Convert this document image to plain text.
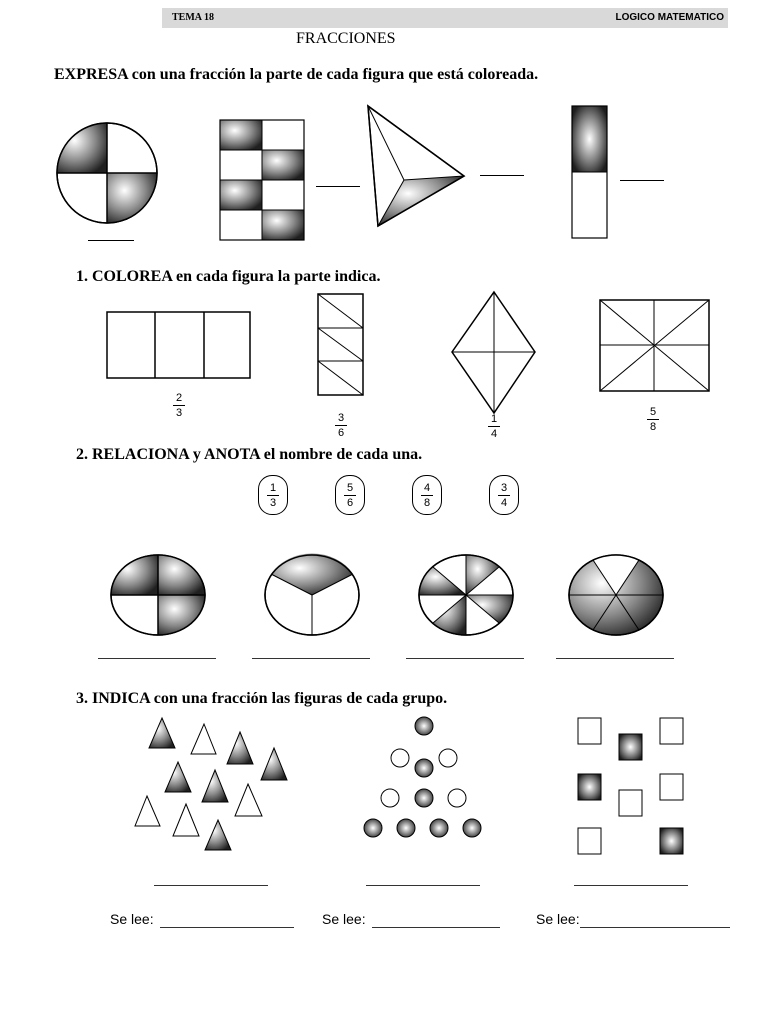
TEMA 18	LOGICO MATEMATICO
FRACCIONES
EXPRESA con una fracción la parte de cada figura que está coloreada.
1. COLOREA en cada figura la parte indica.
2
3	3
6
1
4
5
8
2. RELACIONA y ANOTA el nombre de cada una.
$\frac{1}{3}$	$\frac{5}{6}$	$\frac{4}{8}$	$\frac{3}{4}$
3. INDICA con una fracción las figuras de cada grupo.
Se lee:	Se lee:	Se lee:
